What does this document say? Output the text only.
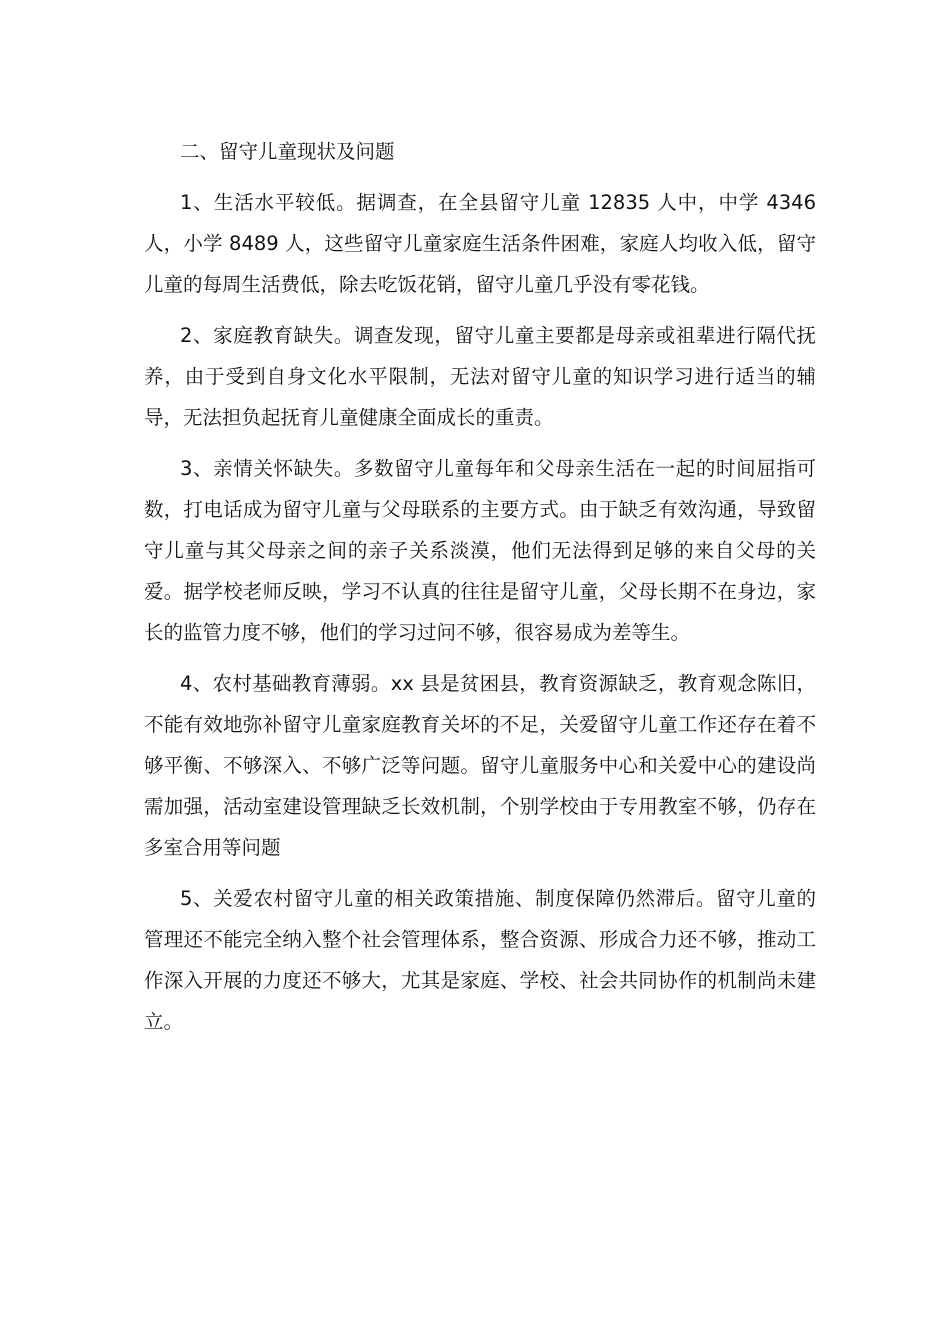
二、留守儿童现状及问题

1、生活水平较低。据调查，在全县留守儿童 12835 人中，中学 4346 人，小学 8489 人，这些留守儿童家庭生活条件困难，家庭人均收入低，留守儿童的每周生活费低，除去吃饭花销，留守儿童几乎没有零花钱。

2、家庭教育缺失。调查发现，留守儿童主要都是母亲或祖辈进行隔代抚养，由于受到自身文化水平限制，无法对留守儿童的知识学习进行适当的辅导，无法担负起抚育儿童健康全面成长的重责。

3、亲情关怀缺失。多数留守儿童每年和父母亲生活在一起的时间屈指可数，打电话成为留守儿童与父母联系的主要方式。由于缺乏有效沟通，导致留守儿童与其父母亲之间的亲子关系淡漠，他们无法得到足够的来自父母的关爱。据学校老师反映，学习不认真的往往是留守儿童，父母长期不在身边，家长的监管力度不够，他们的学习过问不够，很容易成为差等生。

4、农村基础教育薄弱。xx 县是贫困县，教育资源缺乏，教育观念陈旧，不能有效地弥补留守儿童家庭教育关坏的不足，关爱留守儿童工作还存在着不够平衡、不够深入、不够广泛等问题。留守儿童服务中心和关爱中心的建设尚需加强，活动室建设管理缺乏长效机制，个别学校由于专用教室不够，仍存在多室合用等问题

5、关爱农村留守儿童的相关政策措施、制度保障仍然滞后。留守儿童的管理还不能完全纳入整个社会管理体系，整合资源、形成合力还不够，推动工作深入开展的力度还不够大，尤其是家庭、学校、社会共同协作的机制尚未建立。
